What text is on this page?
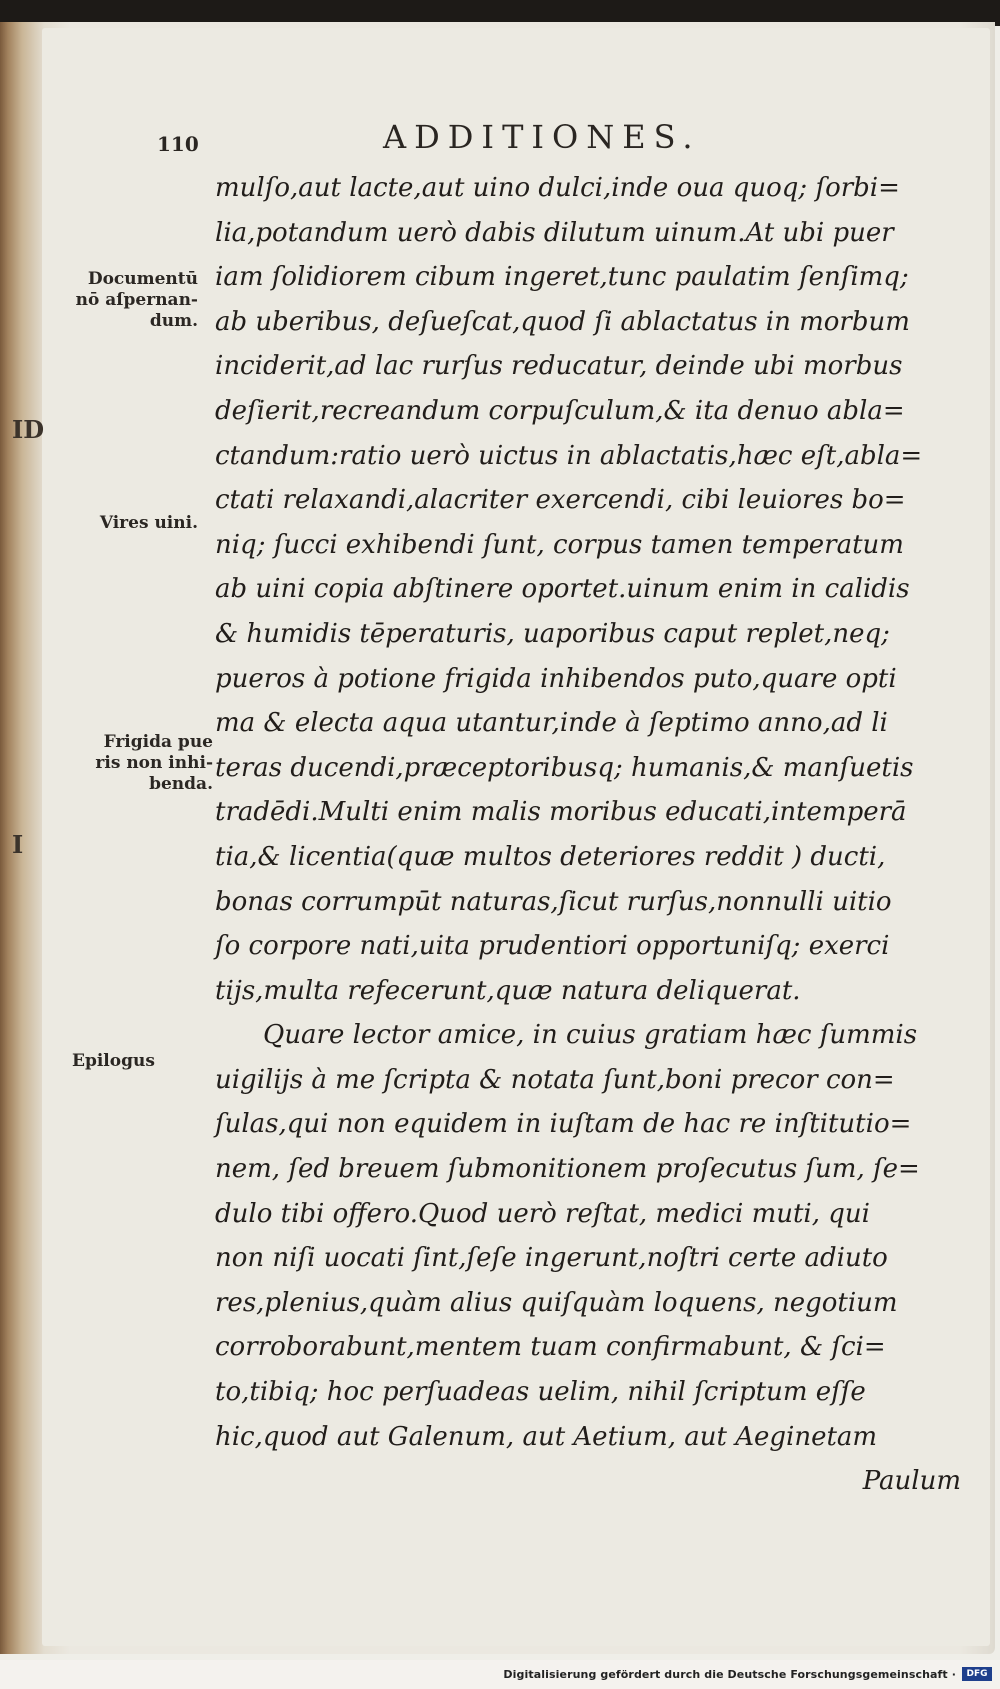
ID
I
110	ADDITIONES.
Documentū
nō aſpernan-
dum.
Vires uini.
Frigida pue
ris non inhi-
benda.
Epilogus
mulſo,aut lacte,aut uino dulci,inde oua quoq; ſorbi=
lia,potandum uerò dabis dilutum uinum.At ubi puer
iam ſolidiorem cibum ingeret,tunc paulatim ſenſimq;
ab uberibus, deſueſcat,quod ſi ablactatus in morbum
inciderit,ad lac rurſus reducatur, deinde ubi morbus
deſierit,recreandum corpuſculum,& ita denuo abla=
ctandum:ratio uerò uictus in ablactatis,hæc eſt,abla=
ctati relaxandi,alacriter exercendi, cibi leuiores bo=
niq; ſucci exhibendi ſunt, corpus tamen temperatum
ab uini copia abſtinere oportet.uinum enim in calidis
& humidis tēperaturis, uaporibus caput replet,neq;
pueros à potione frigida inhibendos puto,quare opti
ma & electa aqua utantur,inde à ſeptimo anno,ad li
teras ducendi,præceptoribusq; humanis,& manſuetis
tradēdi.Multi enim malis moribus educati,intemperā
tia,& licentia(quæ multos deteriores reddit ) ducti,
bonas corrumpūt naturas,ſicut rurſus,nonnulli uitio
ſo corpore nati,uita prudentiori opportuniſq; exerci
tijs,multa refecerunt,quæ natura deliquerat.
Quare lector amice, in cuius gratiam hæc ſummis
uigilijs à me ſcripta & notata ſunt,boni precor con=
ſulas,qui non equidem in iuſtam de hac re inſtitutio=
nem, ſed breuem ſubmonitionem proſecutus ſum, ſe=
dulo tibi offero.Quod uerò reſtat, medici muti, qui
non niſi uocati ſint,ſeſe ingerunt,noſtri certe adiuto
res,plenius,quàm alius quiſquàm loquens, negotium
corroborabunt,mentem tuam confirmabunt, & ſci=
to,tibiq; hoc perſuadeas uelim, nihil ſcriptum eſſe
hic,quod aut Galenum, aut Aetium, aut Aeginetam
Paulum
Digitalisierung gefördert durch die Deutsche Forschungsgemeinschaft ·	DFG
